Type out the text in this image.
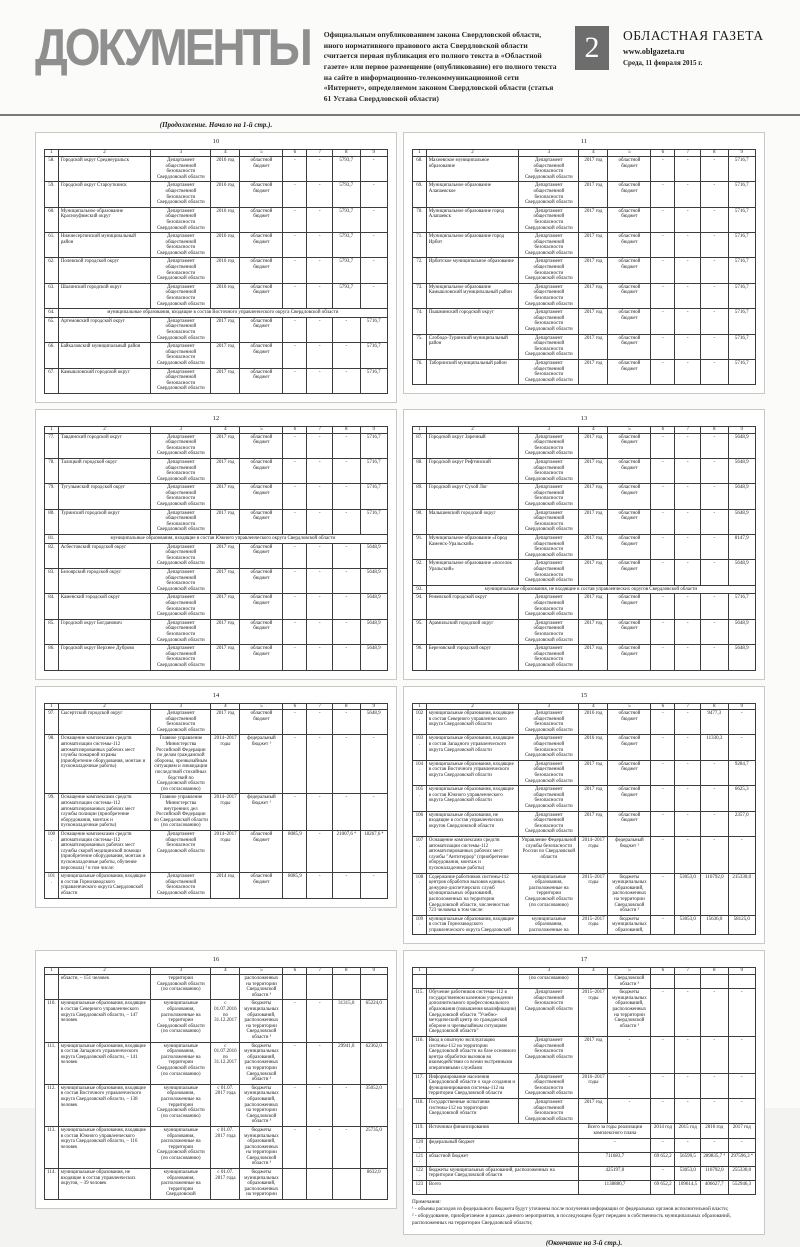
ДОКУМЕНТЫ Официальным опубликованием закона Свердловской области, иного нормативного правового акта Свердловской области считается первая публикация его полного текста в «Областной газете» или первое размещение (опубликование) его полного текста на сайте в информационно-телекоммуникационной сети «Интернет», определяемом законом Свердловской области (статья 61 Устава Свердловской области)
2	ОБЛАСТНАЯ ГАЗЕТА
www.oblgazeta.ru
Среда, 11 февраля 2015 г.
(Продолжение. Начало на 1-й стр.).
10
1	2	3	4	5	6	7	8	9
58.	Городской округ Среднеуральск	Департамент общественной безопасности Свердловской области	2016 год	областной бюджет	-	-	5793,7	-
59.	Городской округ Староуткинск	Департамент общественной безопасности Свердловской области	2016 год	областной бюджет	-	-	5793,7	-
60.	Муниципальное образование Красноуфимский округ	Департамент общественной безопасности Свердловской области	2016 год	областной бюджет	-	-	5793,7	-
61.	Нижнесергинский муниципальный район	Департамент общественной безопасности Свердловской области	2016 год	областной бюджет	-	-	5793,7	-
62.	Полевской городской округ	Департамент общественной безопасности Свердловской области	2016 год	областной бюджет	-	-	5793,7	-
63.	Шалинский городской округ	Департамент общественной безопасности Свердловской области	2016 год	областной бюджет	-	-	5793,7	-
64.	муниципальные образования, входящие в состав Восточного управленческого округа Свердловской области							
65.	Артемовский городской округ	Департамент общественной безопасности Свердловской области	2017 год	областной бюджет	-	-	-	5716,7
66.	Байкаловский муниципальный район	Департамент общественной безопасности Свердловской области	2017 год	областной бюджет	-	-	-	5716,7
67.	Камышловский городской округ	Департамент общественной безопасности Свердловской области	2017 год	областной бюджет	-	-	-	5716,7
11
1	2	3	4	5	6	7	8	9
68.	Махневское муниципальное образование	Департамент общественной безопасности Свердловской области	2017 год	областной бюджет	-	-	-	5716,7
69.	Муниципальное образование Алапаевское	Департамент общественной безопасности Свердловской области	2017 год	областной бюджет	-	-	-	5716,7
70.	Муниципальное образование город Алапаевск	Департамент общественной безопасности Свердловской области	2017 год	областной бюджет	-	-	-	5716,7
71.	Муниципальное образование город Ирбит	Департамент общественной безопасности Свердловской области	2017 год	областной бюджет	-	-	-	5716,7
72.	Ирбитское муниципальное образование	Департамент общественной безопасности Свердловской области	2017 год	областной бюджет	-	-	-	5716,7
73.	Муниципальное образование Камышловский муниципальный район	Департамент общественной безопасности Свердловской области	2017 год	областной бюджет	-	-	-	5716,7
74.	Пышминский городской округ	Департамент общественной безопасности Свердловской области	2017 год	областной бюджет	-	-	-	5716,7
75.	Слободо-Туринский муниципальный район	Департамент общественной безопасности Свердловской области	2017 год	областной бюджет	-	-	-	5716,7
76.	Таборинский муниципальный район	Департамент общественной безопасности Свердловской области	2017 год	областной бюджет	-	-	-	5716,7
12
1	2	3	4	5	6	7	8	9
77.	Тавдинский городской округ	Департамент общественной безопасности Свердловской области	2017 год	областной бюджет	-	-	-	5716,7
78.	Талицкий городской округ	Департамент общественной безопасности Свердловской области	2017 год	областной бюджет	-	-	-	5716,7
79.	Тугулымский городской округ	Департамент общественной безопасности Свердловской области	2017 год	областной бюджет	-	-	-	5716,7
80.	Туринский городской округ	Департамент общественной безопасности Свердловской области	2017 год	областной бюджет	-	-	-	5716,7
81.	муниципальные образования, входящие в состав Южного управленческого округа Свердловской области							
82.	Асбестовский городской округ	Департамент общественной безопасности Свердловской области	2017 год	областной бюджет	-	-	-	5648,9
83.	Белоярский городской округ	Департамент общественной безопасности Свердловской области	2017 год	областной бюджет	-	-	-	5648,9
84.	Каменский городской округ	Департамент общественной безопасности Свердловской области	2017 год	областной бюджет	-	-	-	5648,9
85.	Городской округ Богданович	Департамент общественной безопасности Свердловской области	2017 год	областной бюджет	-	-	-	5648,9
86.	Городской округ Верхнее Дуброво	Департамент общественной безопасности Свердловской области	2017 год	областной бюджет	-	-	-	5648,9
13
1	2	3	4	5	6	7	8	9
87.	Городской округ Заречный	Департамент общественной безопасности Свердловской области	2017 год	областной бюджет	-	-	-	5648,9
88.	Городской округ Рефтинский	Департамент общественной безопасности Свердловской области	2017 год	областной бюджет	-	-	-	5648,9
89.	Городской округ Сухой Лог	Департамент общественной безопасности Свердловской области	2017 год	областной бюджет	-	-	-	5648,9
90.	Малышевский городской округ	Департамент общественной безопасности Свердловской области	2017 год	областной бюджет	-	-	-	5648,9
91.	Муниципальное образование «Город Каменск-Уральский»	Департамент общественной безопасности Свердловской области	2017 год	областной бюджет	-	-	-	8147,9
92.	Муниципальное образование «поселок Уральский»	Департамент общественной безопасности Свердловской области	2017 год	областной бюджет	-	-	-	5648,9
93.	муниципальные образования, не входящие в состав управленческих округов Свердловской области							
94.	Режевской городской округ	Департамент общественной безопасности Свердловской области	2017 год	областной бюджет	-	-	-	5716,7
95.	Арамильский городской округ	Департамент общественной безопасности Свердловской области	2017 год	областной бюджет	-	-	-	5648,9
96.	Березовский городской округ	Департамент общественной безопасности Свердловской области	2017 год	областной бюджет	-	-	-	5648,9
14
1	2	3	4	5	6	7	8	9
97.	Сысертский городской округ	Департамент общественной безопасности Свердловской области	2017 год	областной бюджет	-	-	-	5648,9
98.	Оснащение комплексами средств автоматизации системы-112 автоматизированных рабочих мест службы пожарной охраны (приобретение оборудования, монтаж и пусконаладочные работы)	Главное управление Министерства Российской Федерации по делам гражданской обороны, чрезвычайным ситуациям и ликвидации последствий стихийных бедствий по Свердловской области (по согласованию)	2014–2017 годы	федеральный бюджет ¹	-	-	-	-
99.	Оснащение комплексами средств автоматизации системы-112 автоматизированных рабочих мест службы полиции (приобретение оборудования, монтаж и пусконаладочные работы)	Главное управление Министерства внутренних дел Российской Федерации по Свердловской области (по согласованию)	2014–2017 годы	федеральный бюджет ¹	-	-	-	-
100.	Оснащение комплексами средств автоматизации системы-112 автоматизированных рабочих мест службы скорой медицинской помощи (приобретение оборудования, монтаж и пусконаладочные работы, обучение персонала) ² в том числе:	Департамент общественной безопасности Свердловской области	2014–2017 годы	областной бюджет	8085,9	-	21007,6 ⁴	18267,6 ⁴
101.	муниципальные образования, входящие в состав Горнозаводского управленческого округа Свердловской области	Департамент общественной безопасности Свердловской области	2014 год	областной бюджет	8085,9	-	-	-
15
1	2	3	4	5	6	7	8	9
102.	муниципальные образования, входящие в состав Северного управленческого округа Свердловской области	Департамент общественной безопасности Свердловской области	2016 год	областной бюджет	-	-	9477,3	-
103.	муниципальные образования, входящие в состав Западного управленческого округа Свердловской области	Департамент общественной безопасности Свердловской области	2016 год	областной бюджет	-	-	11330,3	-
104.	муниципальные образования, входящие в состав Восточного управленческого округа Свердловской области	Департамент общественной безопасности Свердловской области	2017 год	областной бюджет	-	-	-	9284,7
105.	муниципальные образования, входящие в состав Южного управленческого округа Свердловской области	Департамент общественной безопасности Свердловской области	2017 год	областной бюджет	-	-	-	6625,3
106.	муниципальные образования, не входящие в состав управленческих округов Свердловской области	Департамент общественной безопасности Свердловской области	2017 год	областной бюджет	-	-	-	2357,0
107.	Оснащение комплексами средств автоматизации системы-112 автоматизированных рабочих мест службы "Антитеррор" (приобретение оборудования, монтаж и пусконаладочные работы)	Управление Федеральной службы безопасности России по Свердловской области	2014–2017 годы	федеральный бюджет ¹	-	-	-	-
108.	Содержание работников системы-112 центров обработки вызовов единых дежурно-диспетчерских служб муниципальных образований, расположенных на территории Свердловской области, численностью 723 человека в том числе:	муниципальные образования, расположенные на территории Свердловской области (по согласованию)	2015–2017 годы	бюджеты муниципальных образований, расположенных на территории Свердловской области ³	-	53053,0	116792,0	215330,0
109.	муниципальные образования, входящие в состав Горнозаводского управленческого округа Свердловской	муниципальные образования, расположенные на	2015–2017 годы	бюджеты муниципальных образований,	-	53053,0	15636,0	58125,0
16
1	2	3	4	5	6	7	8	9
	области, – 151 человек	территории Свердловской области (по согласованию)		расположенных на территории Свердловской области ³				
110.	муниципальные образования, входящие в состав Северного управленческого округа Свердловской области, – 147 человек	муниципальные образования, расположенные на территории Свердловской области (по согласованию)	с 01.07.2016 по 31.12.2017	бюджеты муниципальных образований, расположенных на территории Свердловской области ³	-	-	31315,0	65224,0
111.	муниципальные образования, входящие в состав Западного управленческого округа Свердловской области, – 141 человек	муниципальные образования, расположенные на территории Свердловской области (по согласованию)	с 01.07.2016 по 31.12.2017	бюджеты муниципальных образований, расположенных на территории Свердловской области ³	-	-	29941,0	62362,0
112.	муниципальные образования, входящие в состав Восточного управленческого округа Свердловской области, – 138 человек	муниципальные образования, расположенные на территории Свердловской области (по согласованию)	с 01.07. 2017 года	бюджеты муниципальных образований, расположенных на территории Свердловской области ³	-	-	-	35052,0
113.	муниципальные образования, входящие в состав Южного управленческого округа Свердловской области, – 116 человек	муниципальные образования, расположенные на территории Свердловской области (по согласованию)	с 01.07. 2017 года	бюджеты муниципальных образований, расположенных на территории Свердловской области ³	-	-	-	25735,0
114.	муниципальные образования, не входящие в состав управленческих округов, – 39 человек	муниципальные образования, расположенные на территории Свердловской	с 01.07. 2017 года	бюджеты муниципальных образований, расположенных на территории				8632,0
17
1	2	3	4	5	6	7	8	9
		(по согласованию)		Свердловской области ³				
115.	Обучение работников системы-112 в государственном казенном учреждении дополнительного профессионального образования (повышения квалификации) Свердловской области "Учебно-методический центр по гражданской обороне и чрезвычайным ситуациям Свердловской области"	Департамент общественной безопасности Свердловской области	2015–2017 годы	бюджеты муниципальных образований, расположенных на территории Свердловской области ³	-	-	-	-
116.	Ввод в опытную эксплуатацию системы-112 на территории Свердловской области на базе основного центра обработки вызовов во взаимодействии со всеми экстренными оперативными службами	Департамент общественной безопасности Свердловской области	2017 год	-	-	-	-	-
117.	Информирование населения Свердловской области о ходе создания и функционирования системы-112 на территории Свердловской области	Департамент общественной безопасности Свердловской области	2016–2017 годы	-	-	-	-	-
118.	Государственные испытания системы-112 на территории Свердловской области	Департамент общественной безопасности Свердловской области	2017 год	-	-	-	-	-
119.	Источники финансирования		Всего за годы реализации комплексного плана		2014 год	2015 год	2016 год	2017 год
120.	федеральный бюджет		-		-	-	-	-
121.	областной бюджет		711683,7		69 652,2	56599,5	289835,7 ⁴	297596,3 ⁴
122.	бюджеты муниципальных образований, расположенных на территории Свердловской области		425197,0		-	53053,0	116792,0	255330,0
123.	Всего		1138880,7		69 652,2	109614,5	406627,7	552946,3
Примечания:
¹ - объемы расходов из федерального бюджета будут уточнены после получения информации от федеральных органов исполнительной власти;
² - оборудование, приобретаемое в рамках данного мероприятия, в последующем будет передано в собственность муниципальных образований, расположенных на территории Свердловской области;
(Окончание на 3-й стр.).
